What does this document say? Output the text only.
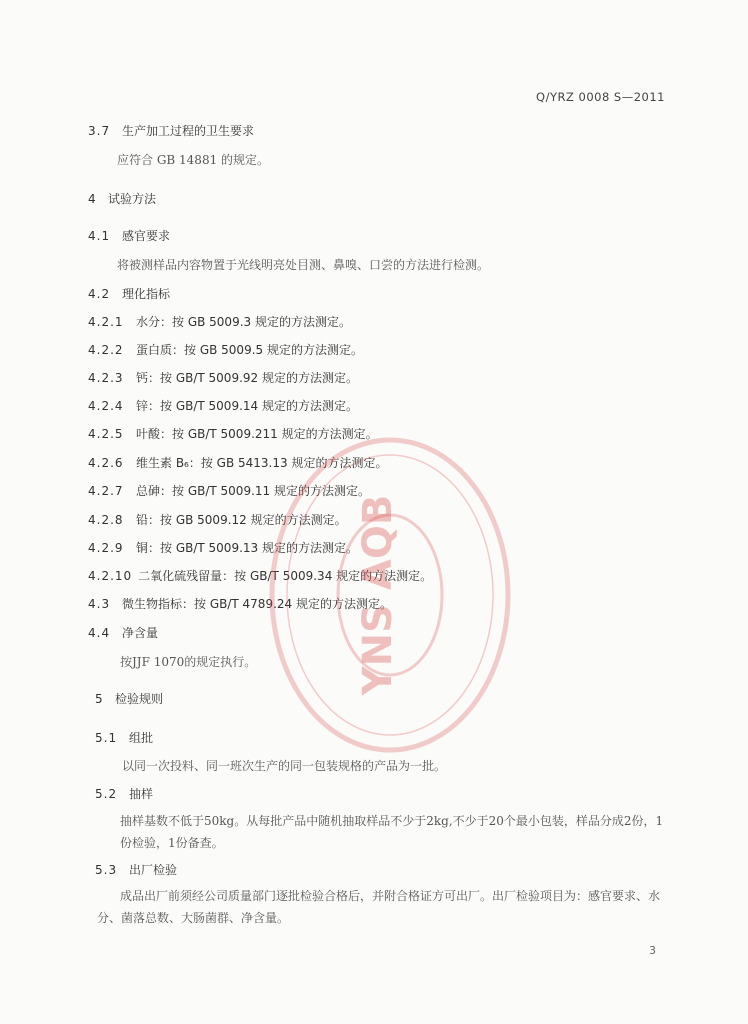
Q/YRZ 0008 S—2011
3.7 生产加工过程的卫生要求
应符合 GB 14881 的规定。
4 试验方法
4.1 感官要求
将被测样品内容物置于光线明亮处目测、鼻嗅、口尝的方法进行检测。
4.2 理化指标
4.2.1 水分：按 GB 5009.3 规定的方法测定。
4.2.2 蛋白质：按 GB 5009.5 规定的方法测定。
4.2.3 钙：按 GB/T 5009.92 规定的方法测定。
4.2.4 锌：按 GB/T 5009.14 规定的方法测定。
4.2.5 叶酸：按 GB/T 5009.211 规定的方法测定。
4.2.6 维生素 B₆：按 GB 5413.13 规定的方法测定。
4.2.7 总砷：按 GB/T 5009.11 规定的方法测定。
4.2.8 铅：按 GB 5009.12 规定的方法测定。
4.2.9 铜：按 GB/T 5009.13 规定的方法测定。
4.2.10 二氧化硫残留量：按 GB/T 5009.34 规定的方法测定。
4.3 微生物指标：按 GB/T 4789.24 规定的方法测定。
4.4 净含量
按JJF 1070的规定执行。
5 检验规则
5.1 组批
以同一次投料、同一班次生产的同一包装规格的产品为一批。
5.2 抽样
抽样基数不低于50kg。从每批产品中随机抽取样品不少于2kg,不少于20个最小包装，样品分成2份，1份检验，1份备查。
5.3 出厂检验
成品出厂前须经公司质量部门逐批检验合格后，并附合格证方可出厂。出厂检验项目为：感官要求、水分、菌落总数、大肠菌群、净含量。
YNS AQB
3
